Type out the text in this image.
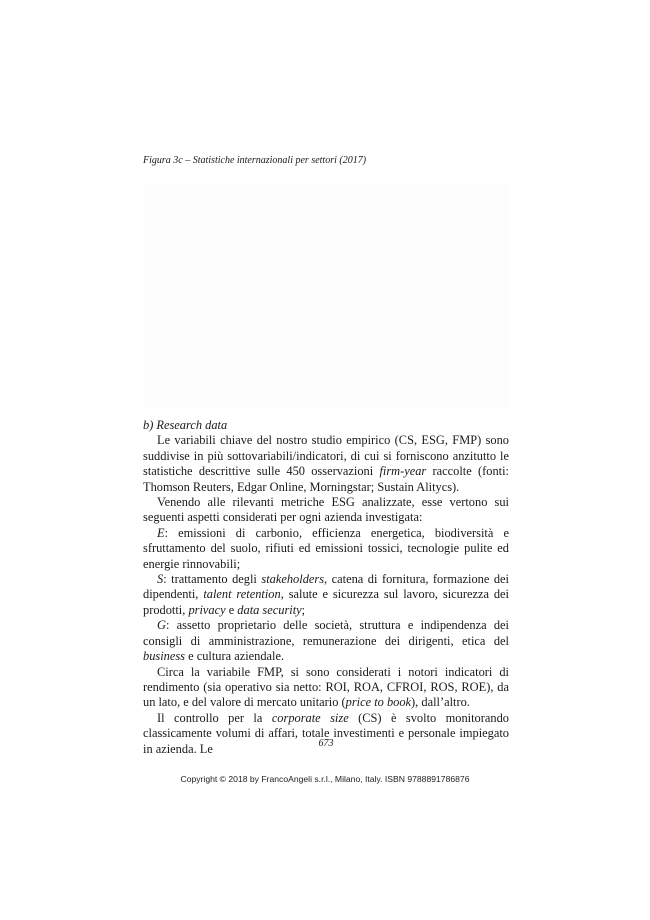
Figura 3c – Statistiche internazionali per settori (2017)

b) Research data

Le variabili chiave del nostro studio empirico (CS, ESG, FMP) sono suddivise in più sottovariabili/indicatori, di cui si forniscono anzitutto le statistiche descrittive sulle 450 osservazioni firm-year raccolte (fonti: Thomson Reuters, Edgar Online, Morningstar; Sustain Alitycs).

Venendo alle rilevanti metriche ESG analizzate, esse vertono sui seguenti aspetti considerati per ogni azienda investigata:

E: emissioni di carbonio, efficienza energetica, biodiversità e sfruttamento del suolo, rifiuti ed emissioni tossici, tecnologie pulite ed energie rinnovabili;

S: trattamento degli stakeholders, catena di fornitura, formazione dei dipendenti, talent retention, salute e sicurezza sul lavoro, sicurezza dei prodotti, privacy e data security;

G: assetto proprietario delle società, struttura e indipendenza dei consigli di amministrazione, remunerazione dei dirigenti, etica del business e cultura aziendale.

Circa la variabile FMP, si sono considerati i notori indicatori di rendimento (sia operativo sia netto: ROI, ROA, CFROI, ROS, ROE), da un lato, e del valore di mercato unitario (price to book), dall’altro.

Il controllo per la corporate size (CS) è svolto monitorando classicamente volumi di affari, totale investimenti e personale impiegato in azienda. Le	673
Copyright © 2018 by FrancoAngeli s.r.l., Milano, Italy. ISBN 9788891786876
